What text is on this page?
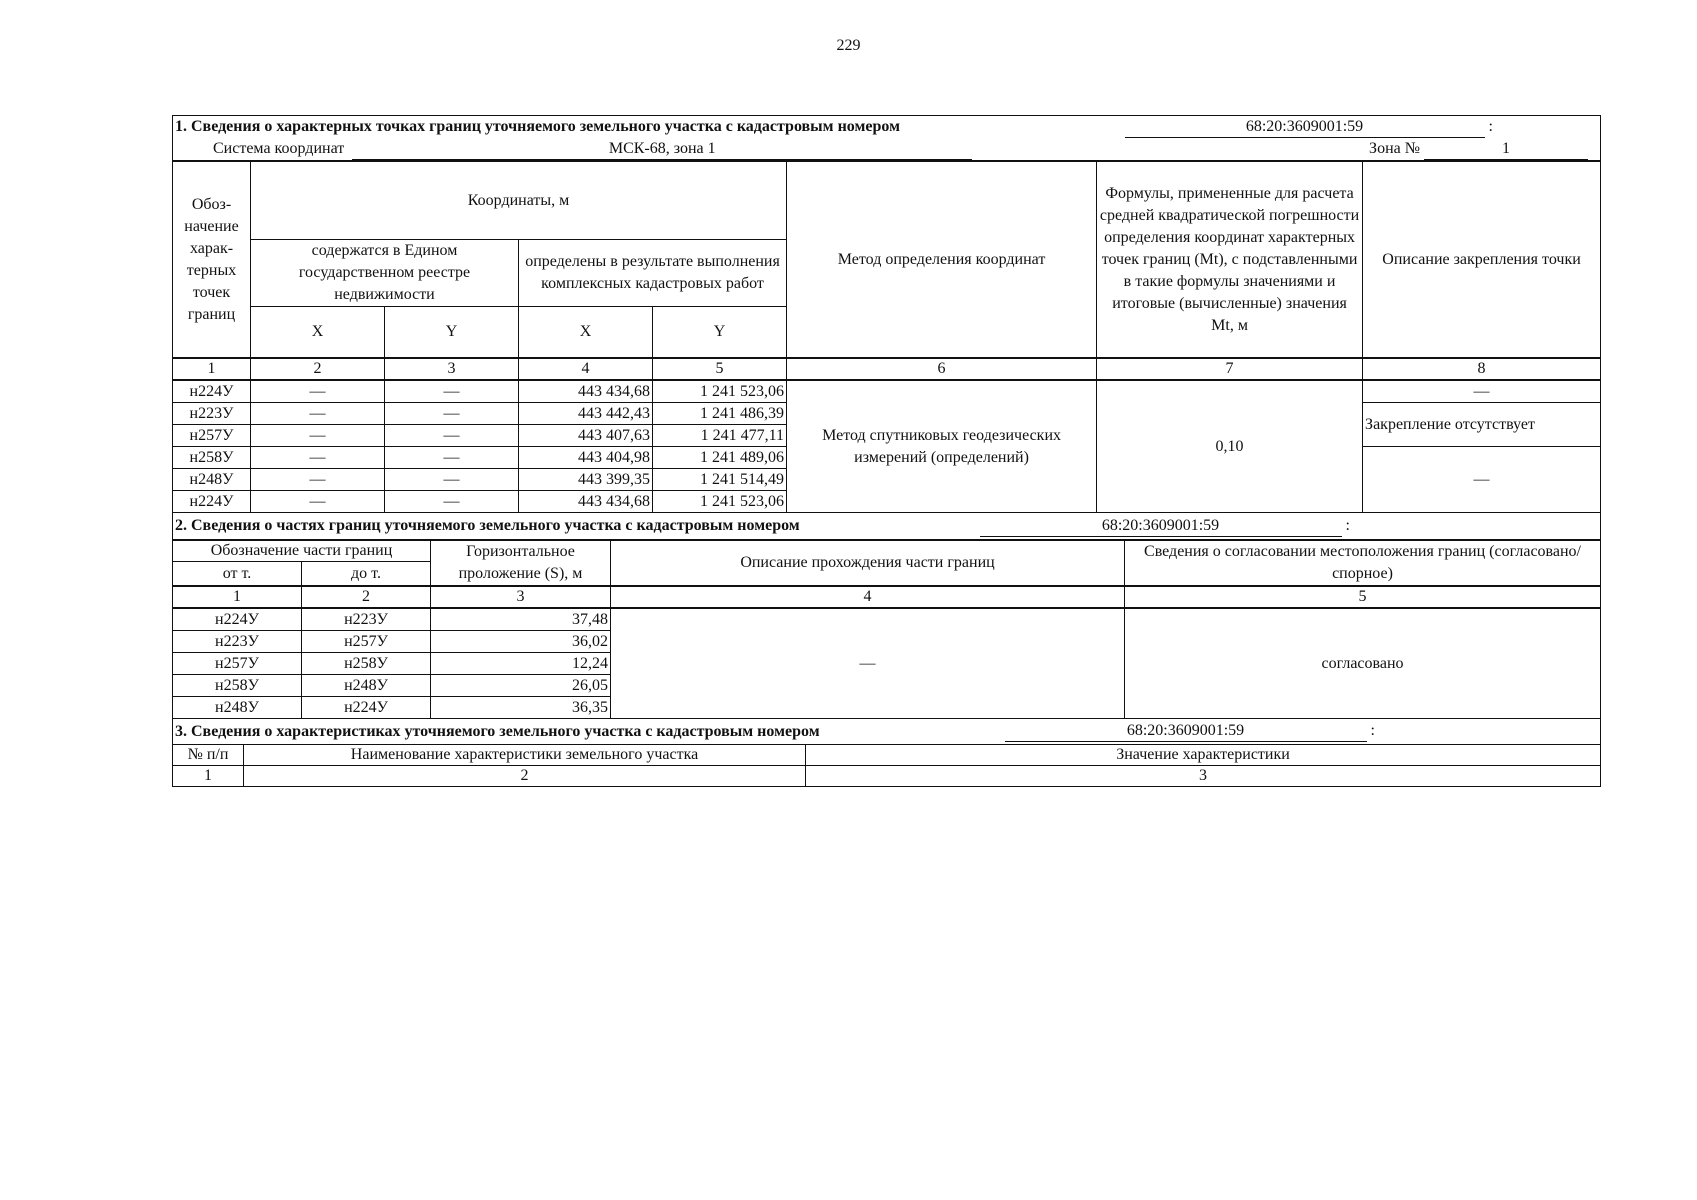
229
1. Сведения о характерных точках границ уточняемого земельного участка с кадастровым номером	68:20:3609001:59 :
Система координат МСК-68, зона 1	Зона № 1
Обоз-начение харак-терных точек границ	Координаты, м				Метод определения координат	Формулы, примененные для расчета средней квадратической погрешности определения координат характерных точек границ (Mt), с подставленными в такие формулы значениями и итоговые (вычисленные) значения Mt, м	Описание закрепления точки
	содержатся в Едином государственном реестре недвижимости		определены в результате выполнения комплексных кадастровых работ				
	X	Y	X	Y			
1	2	3	4	5	6	7	8
н224У	—	—	443 434,68	1 241 523,06	Метод спутниковых геодезических измерений (определений)	0,10	—
н223У	—	—	443 442,43	1 241 486,39			Закрепление отсутствует
н257У	—	—	443 407,63	1 241 477,11			
н258У	—	—	443 404,98	1 241 489,06			—
н248У	—	—	443 399,35	1 241 514,49			
н224У	—	—	443 434,68	1 241 523,06			
2. Сведения о частях границ уточняемого земельного участка с кадастровым номером	68:20:3609001:59	:
Обозначение части границ		Горизонтальное проложение (S), м	Описание прохождения части границ	Сведения о согласовании местоположения границ (согласовано/спорное)
от т.	до т.			
1	2	3	4	5
н224У	н223У	37,48	—	согласовано
н223У	н257У	36,02		
н257У	н258У	12,24		
н258У	н248У	26,05		
н248У	н224У	36,35		
3. Сведения о характеристиках уточняемого земельного участка с кадастровым номером	68:20:3609001:59	:
№ п/п	Наименование характеристики земельного участка	Значение характеристики
1	2	3
